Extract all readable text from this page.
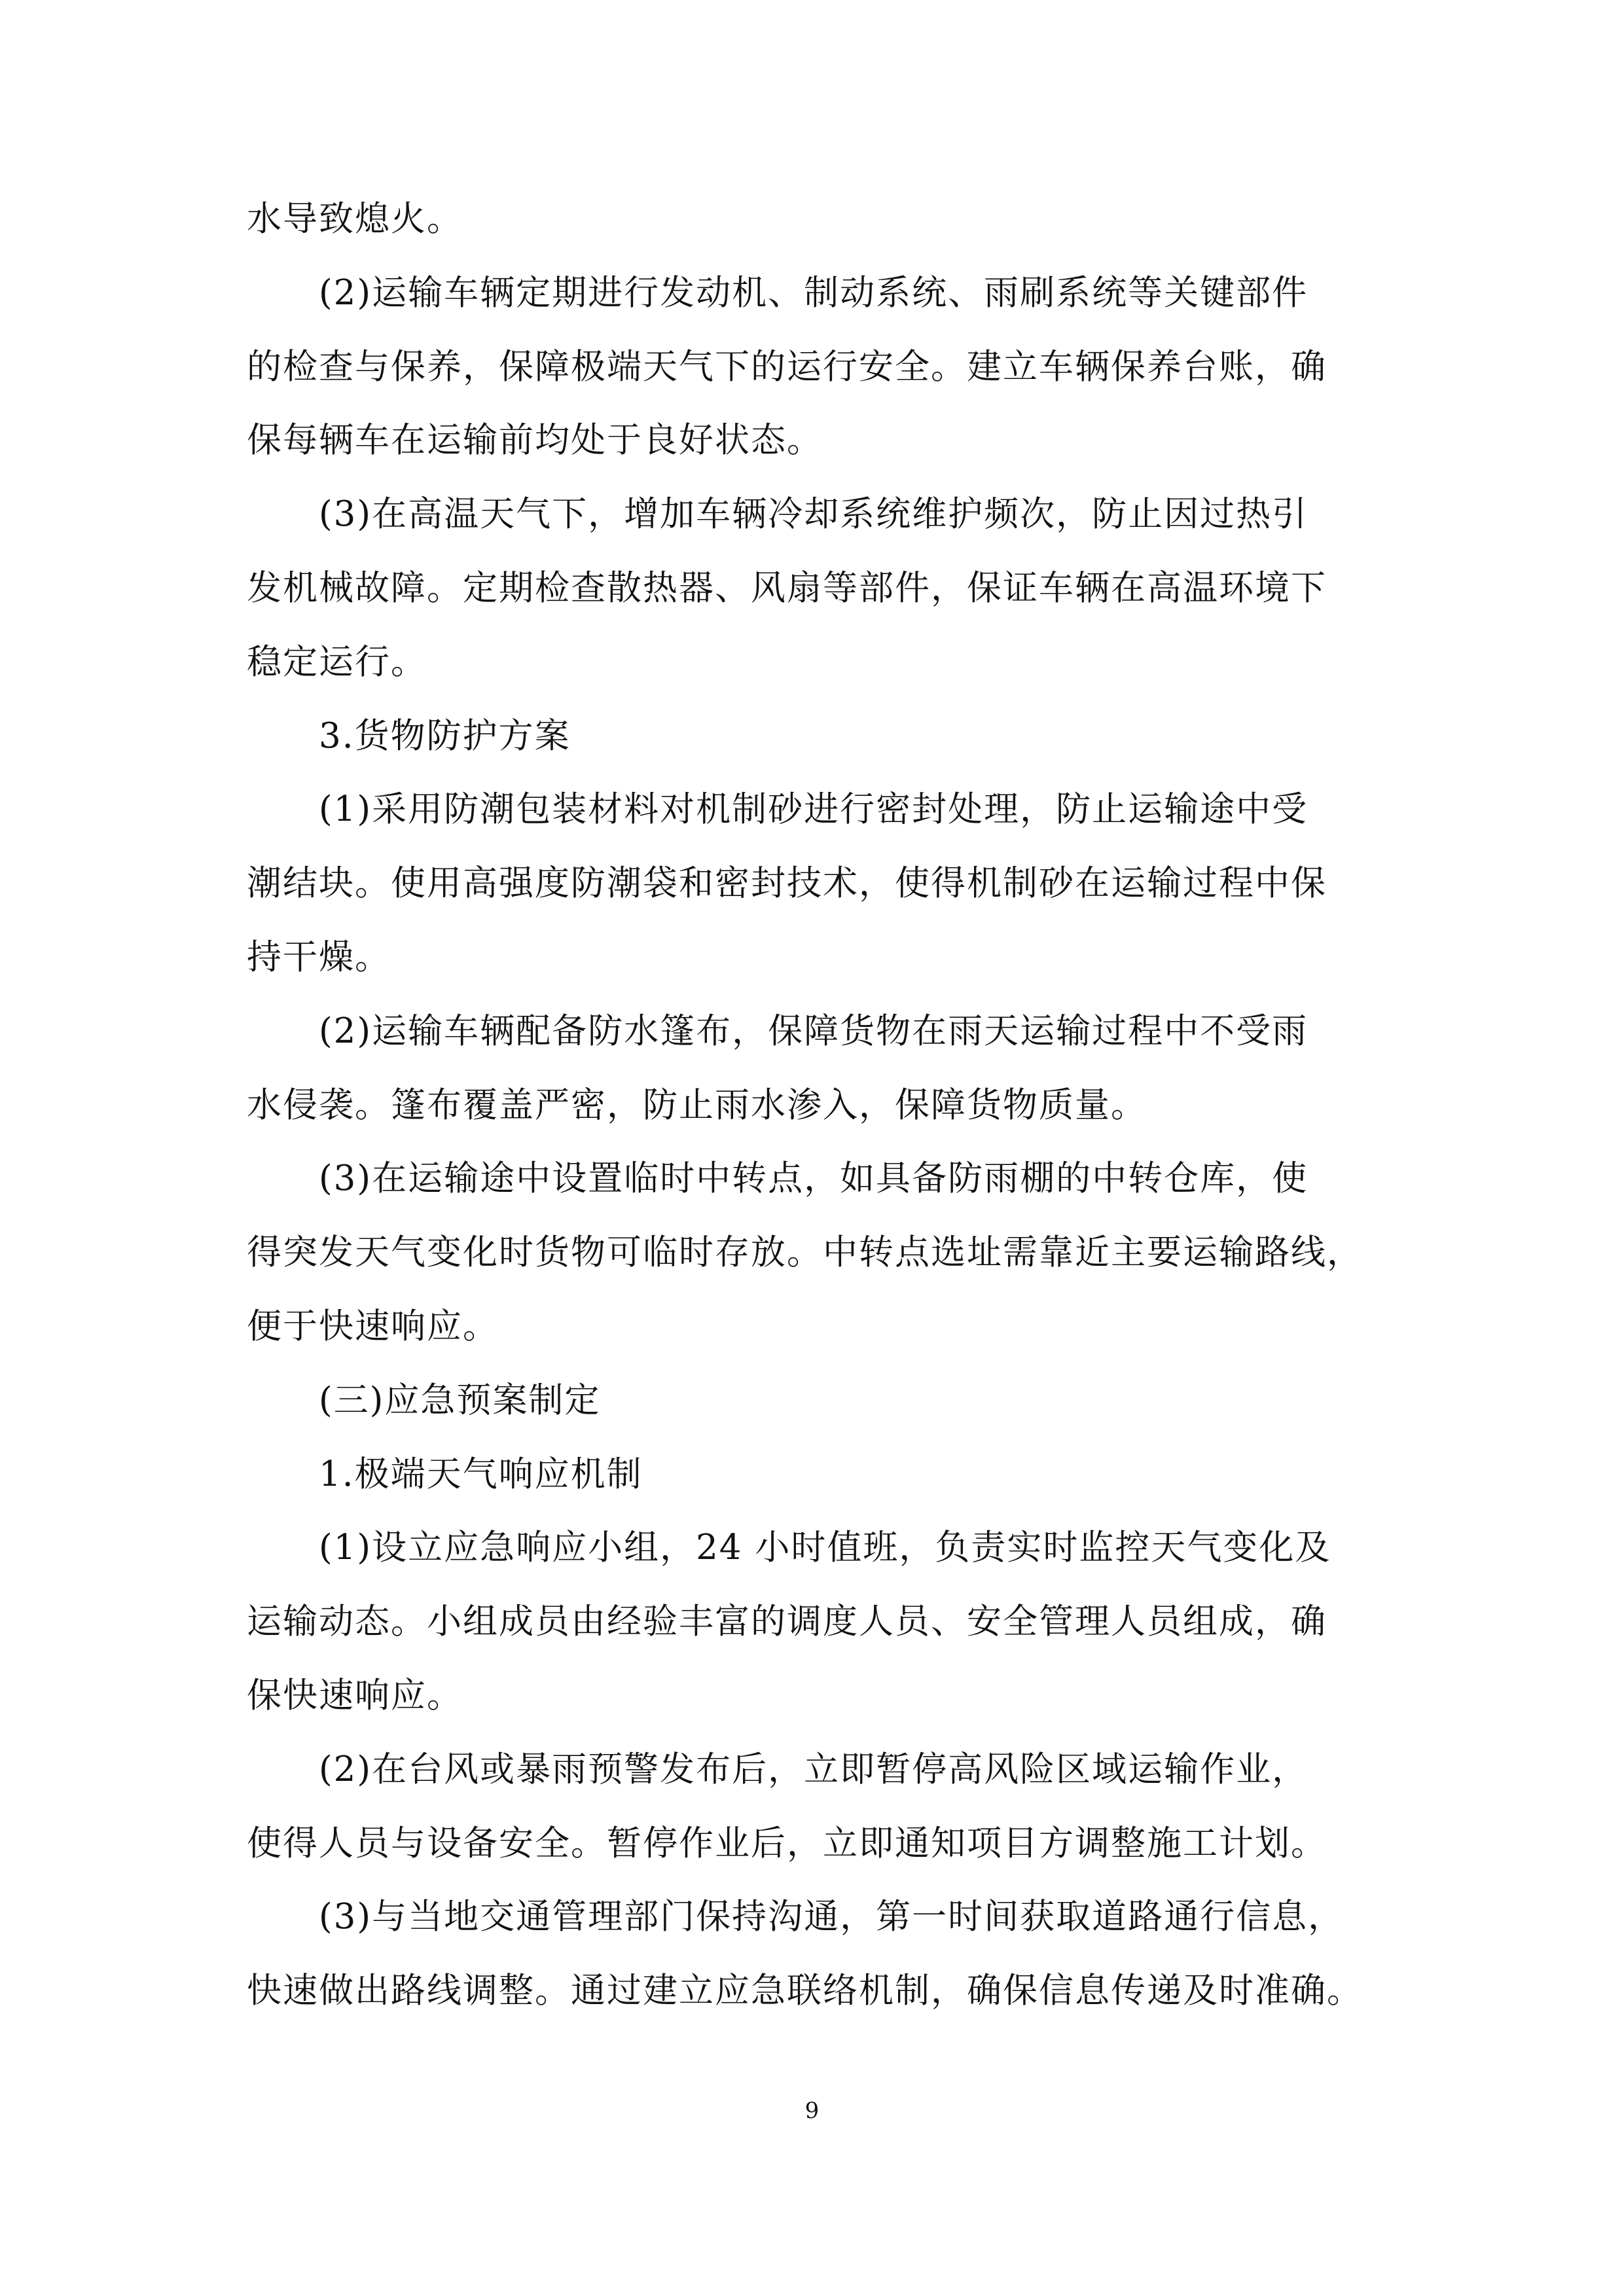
水导致熄火。
(2)运输车辆定期进行发动机、制动系统、雨刷系统等关键部件
的检查与保养，保障极端天气下的运行安全。建立车辆保养台账，确
保每辆车在运输前均处于良好状态。
(3)在高温天气下，增加车辆冷却系统维护频次，防止因过热引
发机械故障。定期检查散热器、风扇等部件，保证车辆在高温环境下
稳定运行。
3.货物防护方案
(1)采用防潮包装材料对机制砂进行密封处理，防止运输途中受
潮结块。使用高强度防潮袋和密封技术，使得机制砂在运输过程中保
持干燥。
(2)运输车辆配备防水篷布，保障货物在雨天运输过程中不受雨
水侵袭。篷布覆盖严密，防止雨水渗入，保障货物质量。
(3)在运输途中设置临时中转点，如具备防雨棚的中转仓库，使
得突发天气变化时货物可临时存放。中转点选址需靠近主要运输路线，
便于快速响应。
(三)应急预案制定
1.极端天气响应机制
(1)设立应急响应小组，24 小时值班，负责实时监控天气变化及
运输动态。小组成员由经验丰富的调度人员、安全管理人员组成，确
保快速响应。
(2)在台风或暴雨预警发布后，立即暂停高风险区域运输作业，
使得人员与设备安全。暂停作业后，立即通知项目方调整施工计划。
(3)与当地交通管理部门保持沟通，第一时间获取道路通行信息，
快速做出路线调整。通过建立应急联络机制，确保信息传递及时准确。
9
